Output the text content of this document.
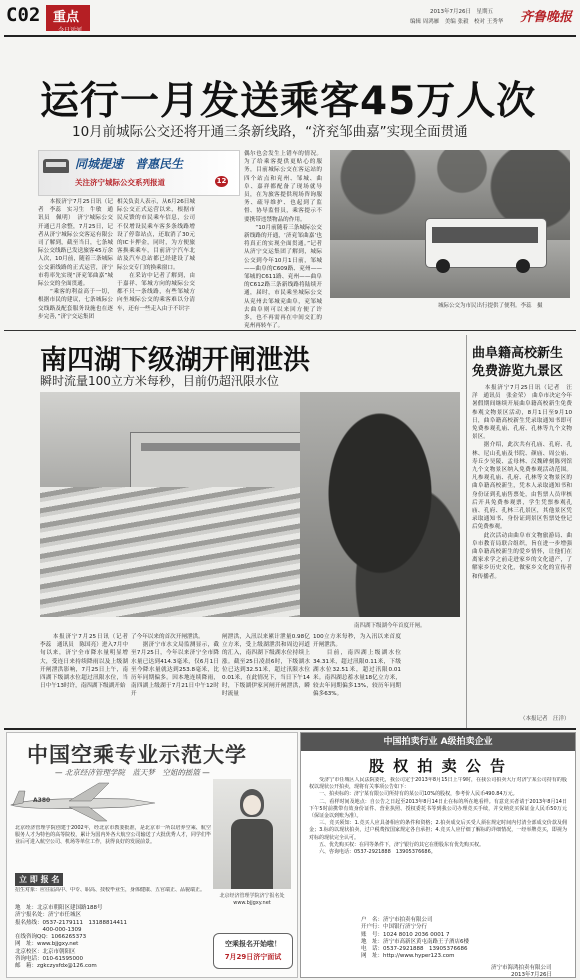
C02 重点
今日运河
2013年7月26日　星期五
编辑 周鸿雁　美编 张毅　校对 王秀华 齐鲁晚报
运行一月发送乘客45万人次
10月前城际公交还将开通三条新线路，“济兖邹曲嘉”实现全面贯通
同城提速　普惠民生
关注济宁城际公交系列报道	12
　　本报济宁7月25日讯（记者　李蕊　实习生　牛敏　通讯员　佩明）　济宁城际公交开通已月余整，7月25日，记者从济宁城际公交客运有限公司了解到，截至当日，七条城际公交线路已发送旅客45万余人次，10月前，随着三条城际公交新线路的正式运营，济宁市将率先实现“济兖邹曲嘉”城际公交的全面贯通。
　　“乘客的利益高于一切，根据市民的建议，七条城际公交线路及配套服务设施也在逐步完善，”济宁交运集团
相关负责人表示，从6月26日城际公交正式运营以来，根据市民反馈的市民乘车信息，公司不仅增设民乘车客多条线路增设了停靠站点，还取消了30元的IC卡押金，同时，为方便旅客换乘乘车，目前济宁汽车北站及汽车总站都已经建设了城际公交专门的换乘窗口。
　　在采访中记者了解到，由于嘉祥、邹城方向的城际公交都不只一条线路，有些邹城方向坐城际公交的乘客难以分清车，还有一些走入由于不识字
偶尔也会发生上错车的情况。为了给乘客提供更贴心的服务，目前城际公交在客运站的四个站点和兖州、邹城、曲阜、嘉祥都配备了现场就导员，在为旅客提供现场咨询服务、疏导维护、也起到了监督、协导监督员，乘客提示不要携带违禁物品的作用。
　　“10月前随着三条城际公交新线路的开通，‘济兖邹曲嘉’也将真正的实现全面贯通。”记者从济宁交运集团了解到，城际公交到今年10月1日前，邹城——曲阜的C609路、兖州——邹城的C611路、兖州——曲阜的C612路三条新线路将陆续开通，届时，市民乘坐城际公交从兖州去邹城兖曲阜，兖邹城去曲阜则可以来回方便了许多，也不再需再在中间交汇的兖州再转车了。
城际公交为市民出行提供了便利。李蕊　摄
南四湖下级湖开闸泄洪
瞬时流量100立方米每秒，目前仍超汛限水位
南四湖下级湖今年首度开闸。
　　本报济宁7月25日讯（记者　李蕊　通讯员　陈国亮）进入7月中旬以来，济宁全市降水量明显增大，受连日来持续降雨以及上级湖开闸泄洪影响，7月25日上午，南四湖下级湖水位超过汛限水位，当日中午13时许，南四湖下级湖开始
了今年以来的首次开闸泄洪。
　　据济宁市水文局监测显示，截至7月25日，今年以来济宁全市降水量已达到414.3毫米，仅6月1日至今降水量就达到253.8毫米，比历年同期偏多。因本地连续降雨，南四湖上级湖于7月21日中午12时开
闸泄洪，入汛以来累计泄量0.98亿立方米，受上级湖泄洪和周边河道的汇入，南四湖下级湖水位持续上涨。截至25日凌晨6时，下级湖水位已达到32.51米，超过汛限水位0.01米，在此情况下，当日下午14时，下级湖伊家河闸开闸泄洪，瞬时流量
100立方米每秒，为入汛以来首度开闸泄洪。
　　目前，南四湖上级湖水位34.31米，超过汛限0.11米，下级湖水位32.51米，超过汛限0.01米。南四湖总蓄水量18亿立方米，较去年同期偏多13%，较历年同期偏多63%。
曲阜籍高校新生
免费游览九景区
　　本报济宁7月25日讯（记者　汪　洋　通讯员　张金荣）　曲阜市决定今年暑假期间继续开展曲阜籍高校新生免费参观文物景区活动，8月1日至9月10日，曲阜籍高校新生凭录取通知书即可免费参观孔庙、孔府、孔林等九个文物景区。
　　据介绍，此次共有孔庙、孔府、孔林、尼山孔庙及书院、颜庙、周公庙、寿丘少昊陵、孟母林、汉魏碑刻陈列馆九个文物景区纳入免费参观活动范围。凡参观孔庙、孔府、孔林等文物景区的曲阜籍高校新生，凭本人录取通知书和身份证到孔庙售票处，由售票人员审核后开具免费参观票，学生凭票参观孔庙、孔府、孔林三孔景区，其他景区凭录取通知书、身份证到景区售票处登记后免费参观。
　　此次活动由曲阜市文物旅游局、曲阜市教育局联合组织，旨在进一步增强曲阜籍高校新生的爱乡情怀，让他们在离家求学之前走进家乡的文化遗产，了解家乡历史文化，做家乡文化的宣传者和传播者。
（本报记者　汪洋）
中国空乘专业示范大学
— 北京经济管理学院　蓝天梦　空姐的摇篮 —
A380
北京经济管理学院创建于2002年，经北京市教委批准，是北京市一所以培养空乘、航空服务人才为特色的高等院校，累计为国内外各大航空公司输送了大批优秀人才，同学们毕业后可进入航空公司、机场等单位工作，获得良好的发展前景。
立 即 报 名
招生对象：应往届高中、中专、职高、技校毕业生，身体健康、五官端正、品貌端正。
地　址：北京市朝阳区建国路188号
济宁报名处：济宁市任城区
报名热线：0537-2179111　13188814411
　　　　　400-000-1309
在线咨询QQ：1066265373
网　址：www.bjjgxy.net
北京校区：北京市朝阳区
咨询电话：010-61595000
邮　箱：zgkczysfdx@126.com
北京经济管理学院济宁报名处
www.bjjgxy.net
空乘报名开始啦！
7月29日济宁面试
中国拍卖行业 A级拍卖企业
股 权 拍 卖 公 告
　　受济宁市任城区人民法院委托，我公司定于2013年8月15日上午9时，在我公司拍卖大厅对济宁某公司持有的股权以现状公开拍卖，现将有关事项公告如下：
　　一、拍卖标的：济宁某有限公司所持有的某公司10%的股权，参考价人民币490.84万元。
　　二、看样时间及地点：自公告之日起至2013年8月14日止在标的所在地看样。有意竞买者请于2013年8月14日下午5时前携带有效身份证件、营业执照、授权委托书等到我公司办理竞买手续，并交纳竞买保证金人民币50万元（保证金以到账为准）。
　　三、竞买须知：1.竞买人应具备相应的条件和资格；2.拍卖成交后买受人须在规定时间内付清全部成交价款及佣金；3.标的以现状拍卖，过户税费按国家规定各自承担；4.竞买人应仔细了解标的详细情况，一经举牌竞买，即视为对标的现状完全认可。
　　五、优先购买权：在同等条件下，济宁银行的其它在册股东有优先购买权。
　　六、咨询电话：0537-2921888　13905376686。
户　名：济宁市拍卖有限公司
开户行：中国银行济宁分行
账　号：1024 8010 2036 0001 7
地　址：济宁市高新区黄屯南路王子酒店6楼
电　话：0537-2921888　13905376686
网　址：http://www.hyper123.com
济宁市海鸿拍卖有限公司
2013年7月26日
